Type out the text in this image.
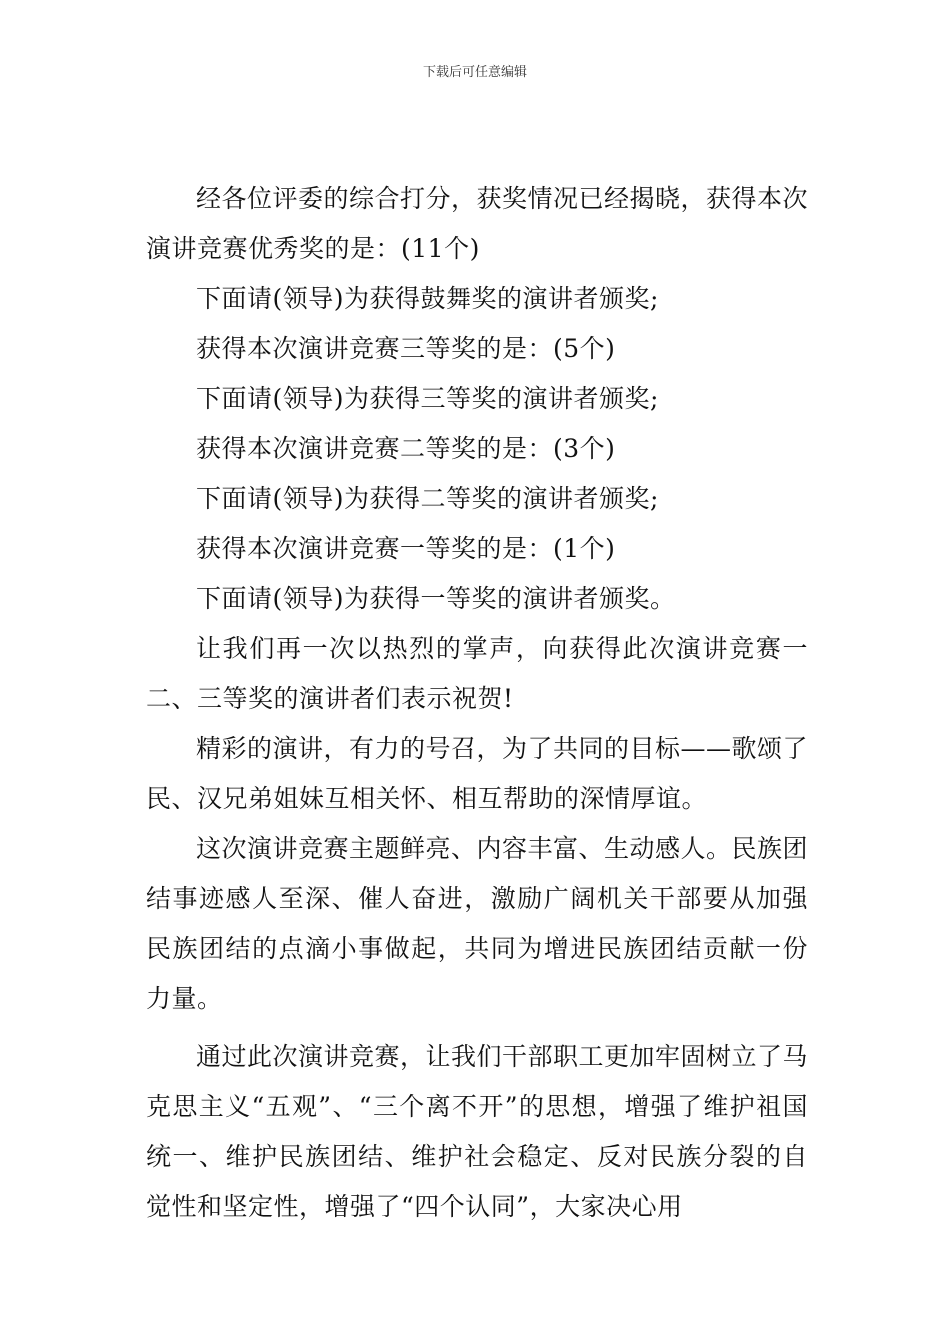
下载后可任意编辑

经各位评委的综合打分，获奖情况已经揭晓，获得本次演讲竞赛优秀奖的是：(11个)

下面请(领导)为获得鼓舞奖的演讲者颁奖;

获得本次演讲竞赛三等奖的是：(5个)

下面请(领导)为获得三等奖的演讲者颁奖;

获得本次演讲竞赛二等奖的是：(3个)

下面请(领导)为获得二等奖的演讲者颁奖;

获得本次演讲竞赛一等奖的是：(1个)

下面请(领导)为获得一等奖的演讲者颁奖。

让我们再一次以热烈的掌声，向获得此次演讲竞赛一二、三等奖的演讲者们表示祝贺!

精彩的演讲，有力的号召，为了共同的目标——歌颂了民、汉兄弟姐妹互相关怀、相互帮助的深情厚谊。

这次演讲竞赛主题鲜亮、内容丰富、生动感人。民族团结事迹感人至深、催人奋进，激励广阔机关干部要从加强民族团结的点滴小事做起，共同为增进民族团结贡献一份力量。

通过此次演讲竞赛，让我们干部职工更加牢固树立了马克思主义“五观”、“三个离不开”的思想，增强了维护祖国统一、维护民族团结、维护社会稳定、反对民族分裂的自觉性和坚定性，增强了“四个认同”，大家决心用
